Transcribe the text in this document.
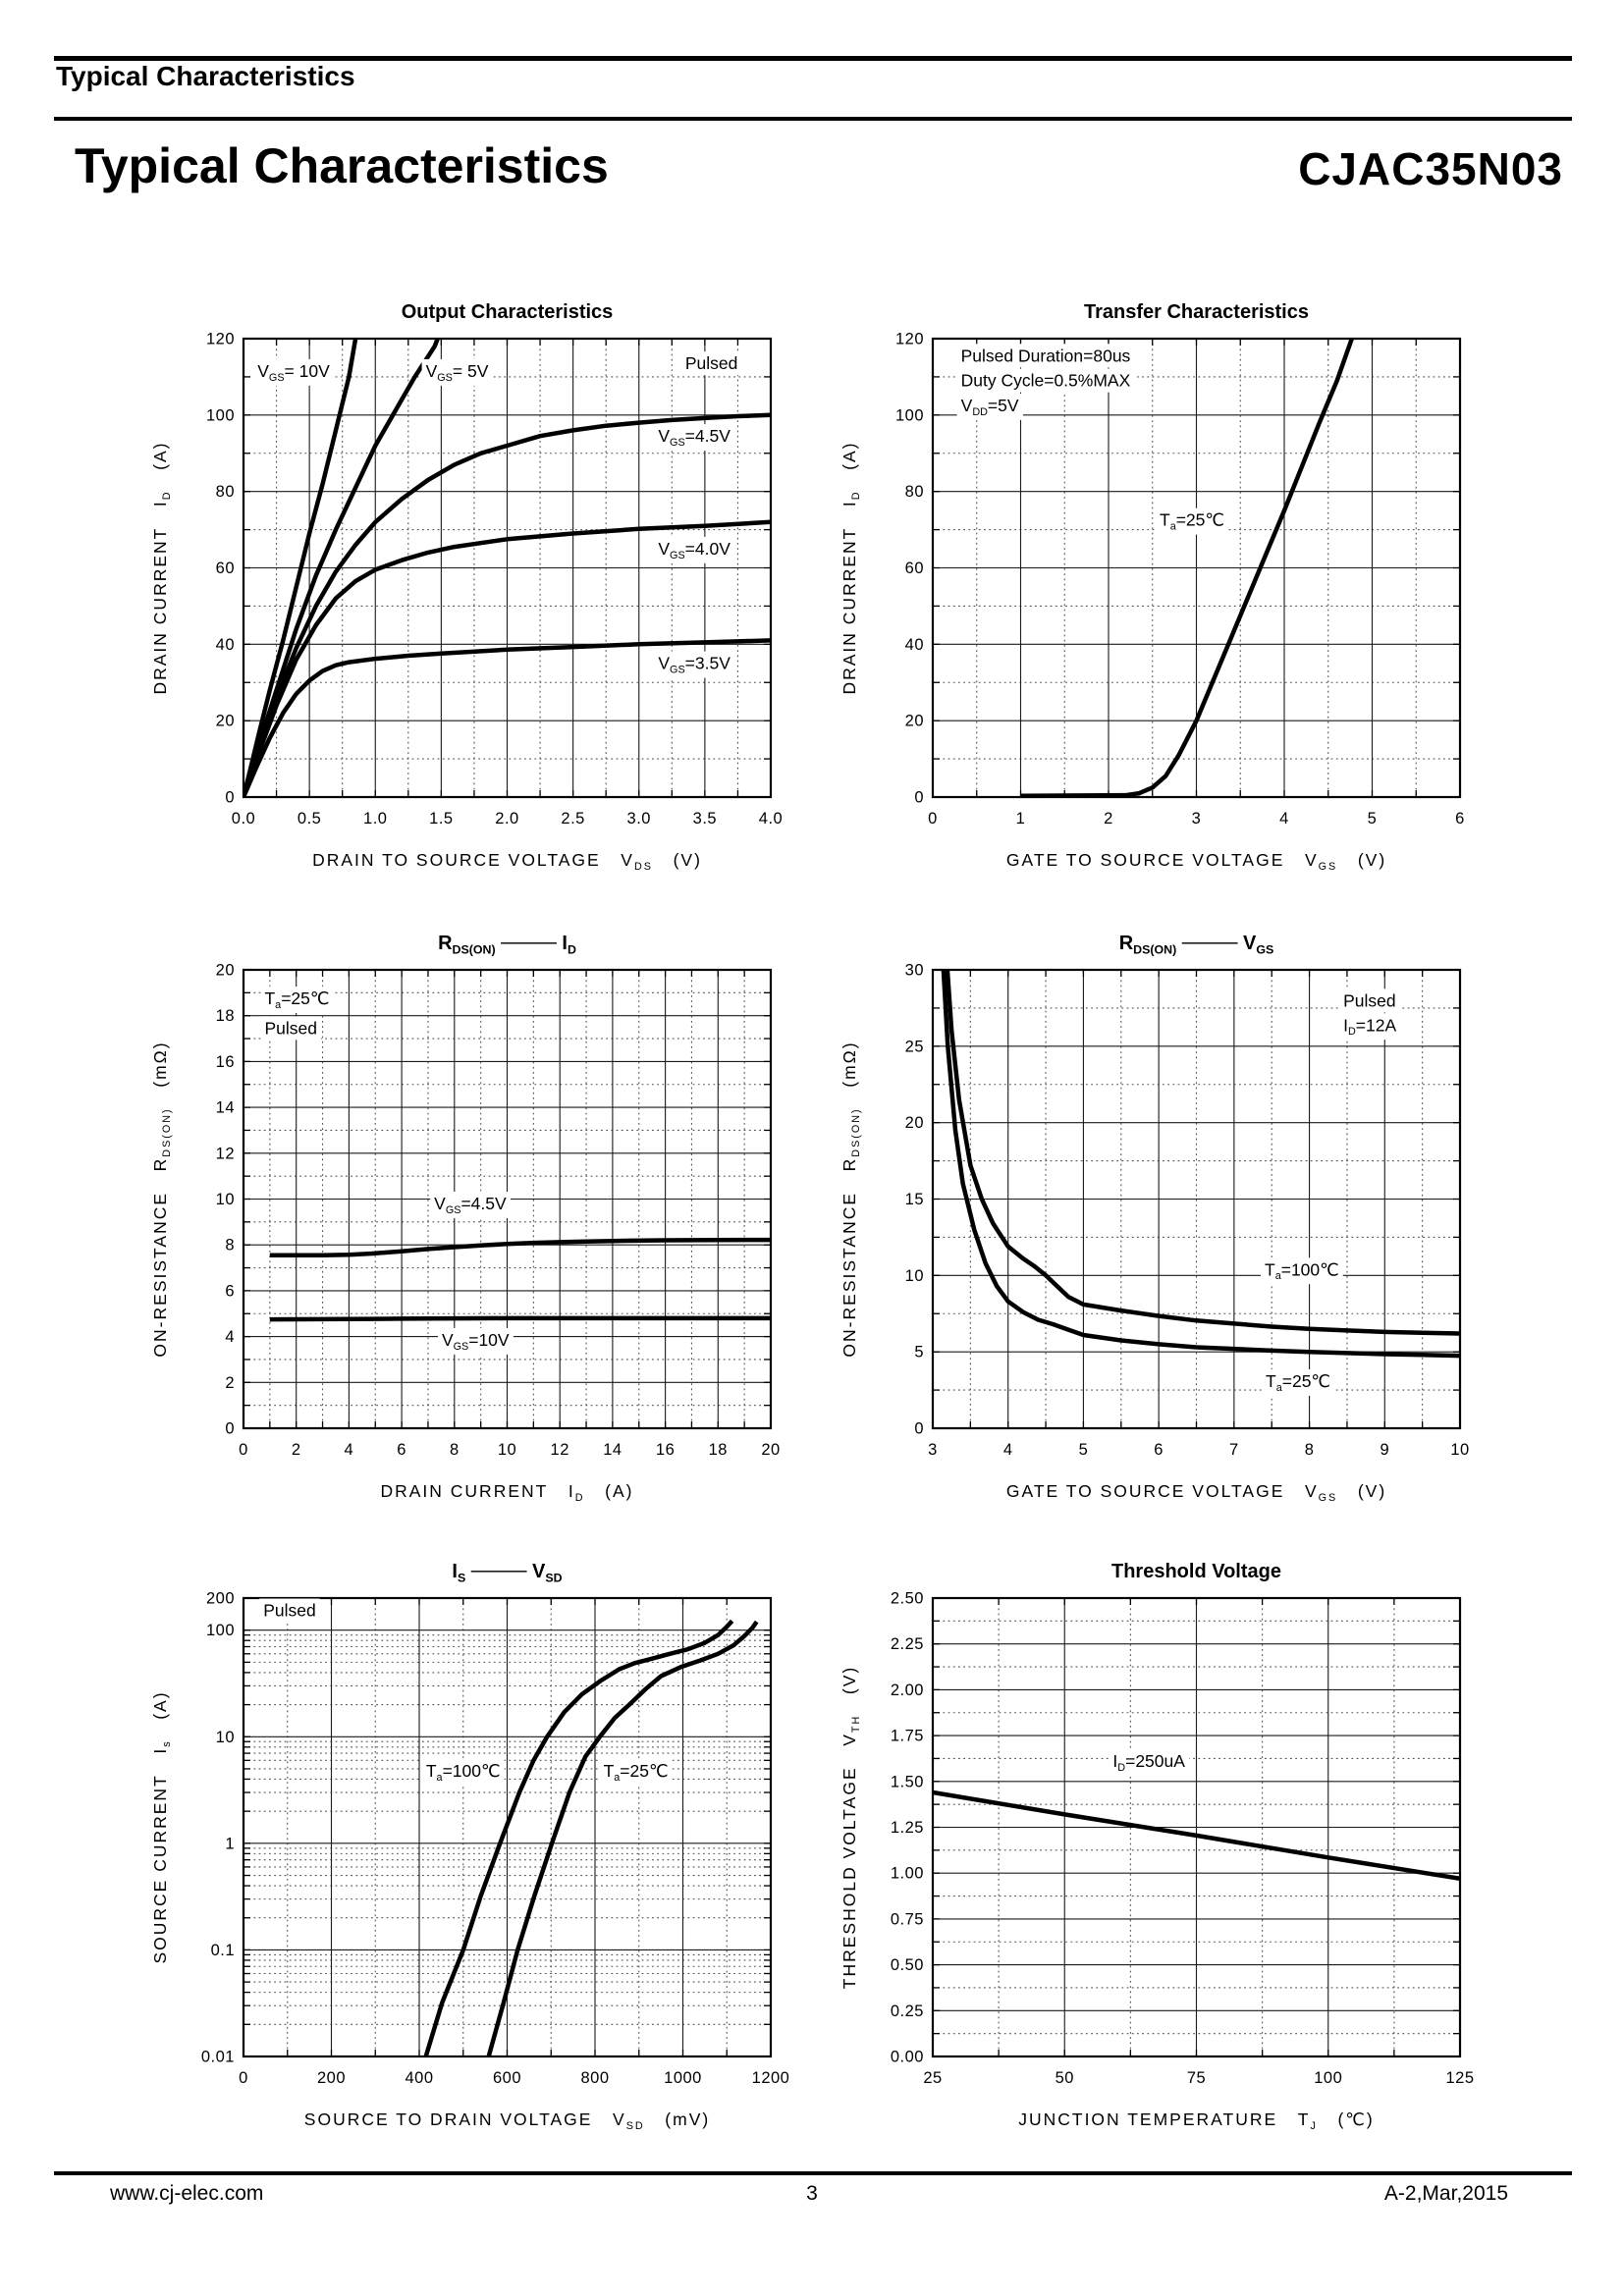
Typical Characteristics
Typical Characteristics	CJAC35N03
$V_{GS}= 10V$	$V_{GS}= 5V$	Pulsed
$V_{GS}=4.5V$
$V_{GS}=4.0V$
$V_{GS}=3.5V$
Output Characteristics
0.0	0.5	1.0	1.5	2.0	2.5	3.0	3.5	4.0
0
20
40
60
80
100
120
DRAIN TO SOURCE VOLTAGE   $V_{DS}$   (V)
DRAIN CURRENT   $I_D$   (A)
Pulsed Duration=80us
Duty Cycle=0.5%MAX
$V_{DD}=5V$
$T_a=25℃$
Transfer Characteristics
0	1	2	3	4	5	6
0
20
40
60
80
100
120
GATE TO SOURCE VOLTAGE   $V_{GS}$   (V)
DRAIN CURRENT   $I_D$   (A)
$T_a=25℃$
Pulsed
$V_{GS}=4.5V$
$V_{GS}=10V$
$R_{DS(ON)}$ ──── $I_D$
0	2	4	6	8 10 12 14 16 18 20
0
2
4
6
8
10
12
14
16
18
20
DRAIN CURRENT   $I_D$   (A)
ON-RESISTANCE   $R_{DS(ON)}$   (mΩ)
Pulsed
$I_D=12A$
$T_a=100℃$
$T_a=25℃$
$R_{DS(ON)}$ ──── $V_{GS}$
3	4	5	6	7	8	9	10
0
5
10
15
20
25
30
GATE TO SOURCE VOLTAGE   $V_{GS}$   (V)
ON-RESISTANCE   $R_{DS(ON)}$   (mΩ)
Pulsed
$T_a=100℃$	$T_a=25℃$
$I_S$ ──── $V_{SD}$
0	200	400	600	800	1000	1200
0.01
0.1
1
10
100
200
SOURCE TO DRAIN VOLTAGE   $V_{SD}$   (mV)
SOURCE CURRENT   $I_s$   (A)
$I_D=250uA$
Threshold Voltage
25	50	75	100	125
0.00
0.25
0.50
0.75
1.00
1.25
1.50
1.75
2.00
2.25
2.50
JUNCTION TEMPERATURE   $T_J$   (℃)
THRESHOLD VOLTAGE   $V_{TH}$   (V)
www.cj-elec.com	3	A-2,Mar,2015
